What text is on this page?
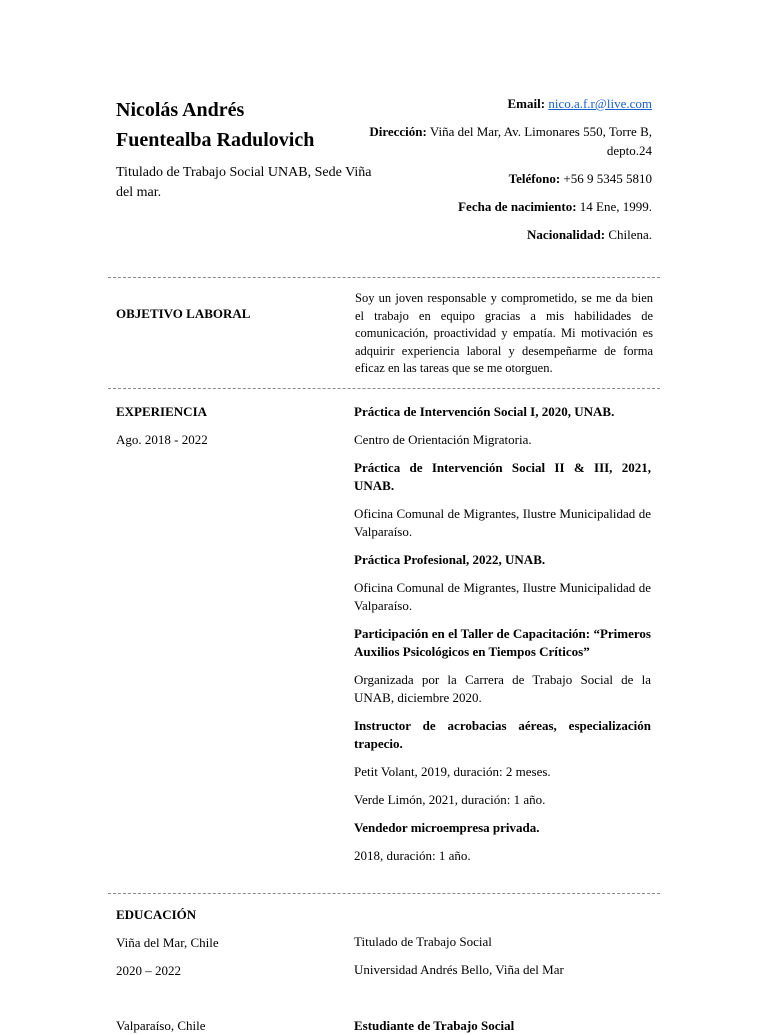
Nicolás Andrés
Fuentealba Radulovich
Titulado de Trabajo Social UNAB, Sede Viña del mar.
Email: nico.a.f.r@live.com
Dirección: Viña del Mar, Av. Limonares 550, Torre B, depto.24
Teléfono: +56 9 5345 5810
Fecha de nacimiento: 14 Ene, 1999.
Nacionalidad: Chilena.
OBJETIVO LABORAL
Soy un joven responsable y comprometido, se me da bien el trabajo en equipo gracias a mis habilidades de comunicación, proactividad y empatía. Mi motivación es adquirir experiencia laboral y desempeñarme de forma eficaz en las tareas que se me otorguen.
EXPERIENCIA
Ago. 2018 - 2022
Práctica de Intervención Social I, 2020, UNAB.
Centro de Orientación Migratoria.
Práctica de Intervención Social II & III, 2021, UNAB.
Oficina Comunal de Migrantes, Ilustre Municipalidad de Valparaíso.
Práctica Profesional, 2022, UNAB.
Oficina Comunal de Migrantes, Ilustre Municipalidad de Valparaíso.
Participación en el Taller de Capacitación: “Primeros Auxilios Psicológicos en Tiempos Críticos”
Organizada por la Carrera de Trabajo Social de la UNAB, diciembre 2020.
Instructor de acrobacias aéreas, especialización trapecio.
Petit Volant, 2019, duración: 2 meses.
Verde Limón, 2021, duración: 1 año.
Vendedor microempresa privada.
2018, duración: 1 año.
EDUCACIÓN
Viña del Mar, Chile
2020 – 2022
Titulado de Trabajo Social
Universidad Andrés Bello, Viña del Mar
Valparaíso, Chile	Estudiante de Trabajo Social
